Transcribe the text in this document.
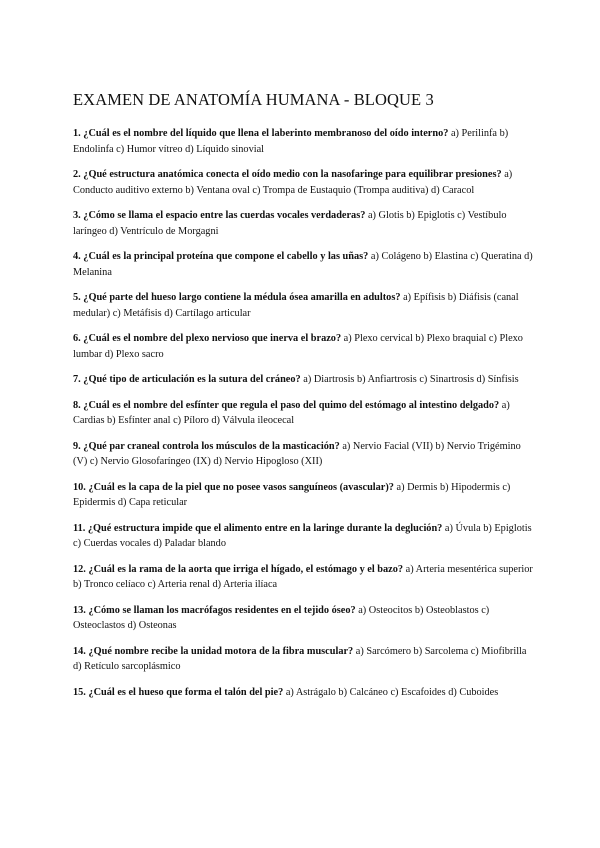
EXAMEN DE ANATOMÍA HUMANA - BLOQUE 3
1. ¿Cuál es el nombre del líquido que llena el laberinto membranoso del oído interno? a) Perilinfa b) Endolinfa c) Humor vítreo d) Líquido sinovial
2. ¿Qué estructura anatómica conecta el oído medio con la nasofaringe para equilibrar presiones? a) Conducto auditivo externo b) Ventana oval c) Trompa de Eustaquio (Trompa auditiva) d) Caracol
3. ¿Cómo se llama el espacio entre las cuerdas vocales verdaderas? a) Glotis b) Epiglotis c) Vestíbulo laríngeo d) Ventrículo de Morgagni
4. ¿Cuál es la principal proteína que compone el cabello y las uñas? a) Colágeno b) Elastina c) Queratina d) Melanina
5. ¿Qué parte del hueso largo contiene la médula ósea amarilla en adultos? a) Epífisis b) Diáfisis (canal medular) c) Metáfisis d) Cartílago articular
6. ¿Cuál es el nombre del plexo nervioso que inerva el brazo? a) Plexo cervical b) Plexo braquial c) Plexo lumbar d) Plexo sacro
7. ¿Qué tipo de articulación es la sutura del cráneo? a) Diartrosis b) Anfiartrosis c) Sinartrosis d) Sínfisis
8. ¿Cuál es el nombre del esfínter que regula el paso del quimo del estómago al intestino delgado? a) Cardias b) Esfínter anal c) Píloro d) Válvula ileocecal
9. ¿Qué par craneal controla los músculos de la masticación? a) Nervio Facial (VII) b) Nervio Trigémino (V) c) Nervio Glosofaríngeo (IX) d) Nervio Hipogloso (XII)
10. ¿Cuál es la capa de la piel que no posee vasos sanguíneos (avascular)? a) Dermis b) Hipodermis c) Epidermis d) Capa reticular
11. ¿Qué estructura impide que el alimento entre en la laringe durante la deglución? a) Úvula b) Epiglotis c) Cuerdas vocales d) Paladar blando
12. ¿Cuál es la rama de la aorta que irriga el hígado, el estómago y el bazo? a) Arteria mesentérica superior b) Tronco celíaco c) Arteria renal d) Arteria ilíaca
13. ¿Cómo se llaman los macrófagos residentes en el tejido óseo? a) Osteocitos b) Osteoblastos c) Osteoclastos d) Osteonas
14. ¿Qué nombre recibe la unidad motora de la fibra muscular? a) Sarcómero b) Sarcolema c) Miofibrilla d) Retículo sarcoplásmico
15. ¿Cuál es el hueso que forma el talón del pie? a) Astrágalo b) Calcáneo c) Escafoides d) Cuboides
